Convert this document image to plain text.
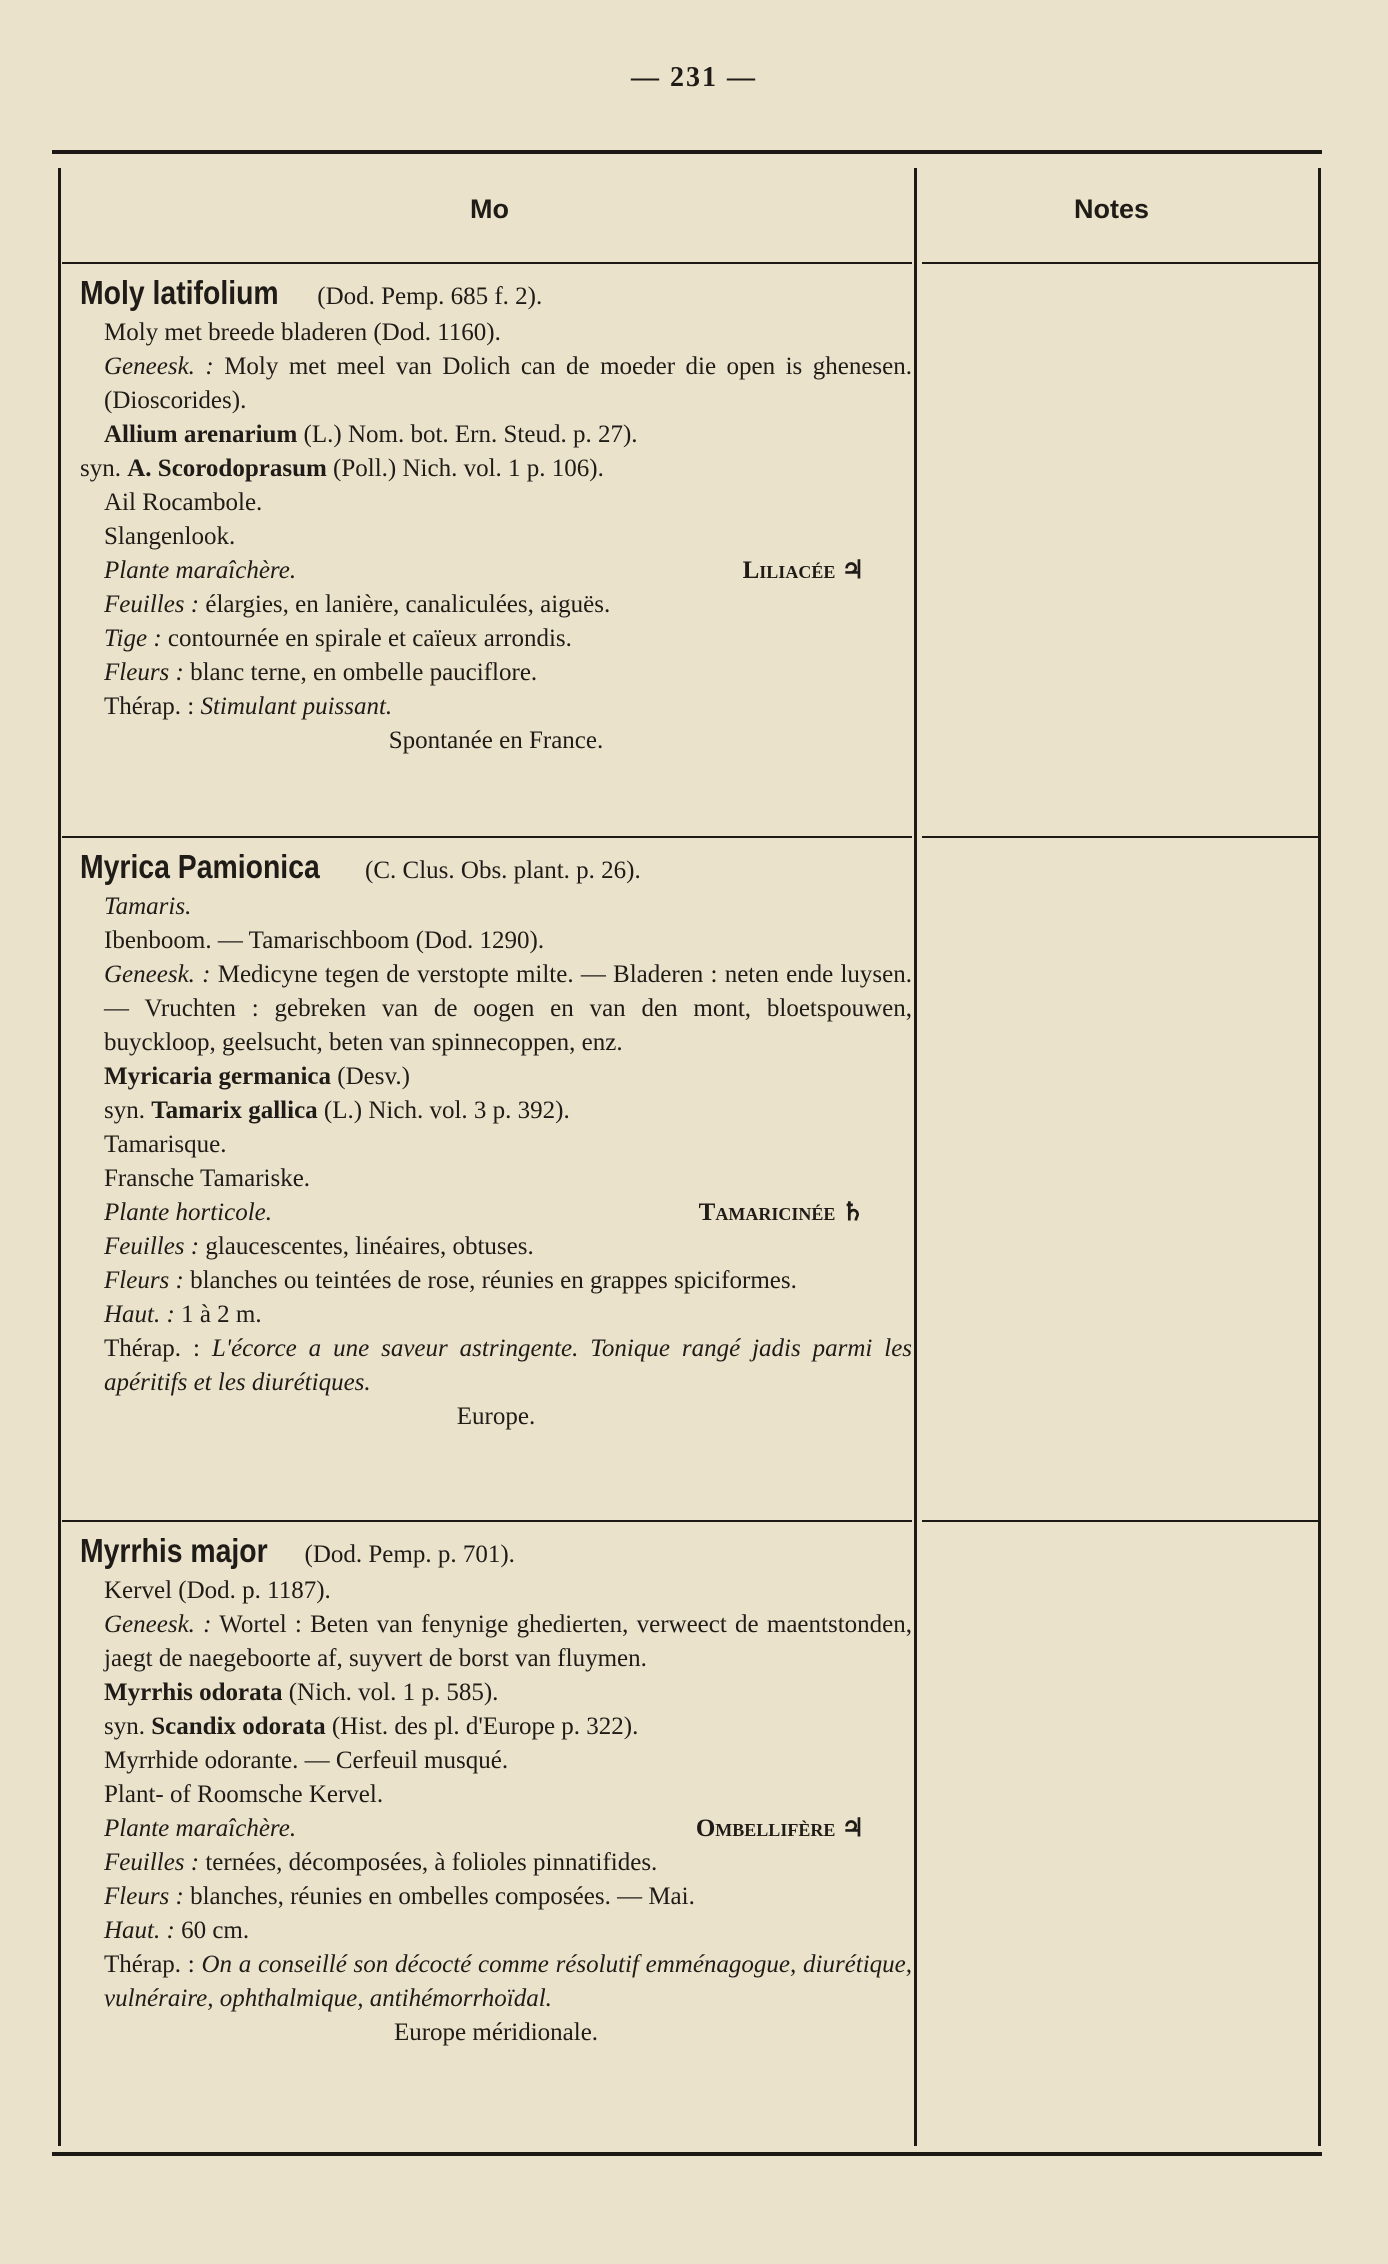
— 231 —
Mo	Notes
Moly latifolium (Dod. Pemp. 685 f. 2).
Moly met breede bladeren (Dod. 1160).
Geneesk. : Moly met meel van Dolich can de moeder die open is ghenesen. (Dioscorides).
Allium arenarium (L.) Nom. bot. Ern. Steud. p. 27).
syn. A. Scorodoprasum (Poll.) Nich. vol. 1 p. 106).
Ail Rocambole.
Slangenlook.
Plante maraîchère.	Liliacée ♃
Feuilles : élargies, en lanière, canaliculées, aiguës.
Tige : contournée en spirale et caïeux arrondis.
Fleurs : blanc terne, en ombelle pauciflore.
Thérap. : Stimulant puissant.
Spontanée en France.
Myrica Pamionica (C. Clus. Obs. plant. p. 26).
Tamaris.
Ibenboom. — Tamarischboom (Dod. 1290).
Geneesk. : Medicyne tegen de verstopte milte. — Bladeren : neten ende luysen. — Vruchten : gebreken van de oogen en van den mont, bloetspouwen, buyckloop, geelsucht, beten van spinnecoppen, enz.
Myricaria germanica (Desv.)
syn. Tamarix gallica (L.) Nich. vol. 3 p. 392).
Tamarisque.
Fransche Tamariske.
Plante horticole.	Tamaricinée ♄
Feuilles : glaucescentes, linéaires, obtuses.
Fleurs : blanches ou teintées de rose, réunies en grappes spiciformes.
Haut. : 1 à 2 m.
Thérap. : L'écorce a une saveur astringente. Tonique rangé jadis parmi les apéritifs et les diurétiques.
Europe.
Myrrhis major (Dod. Pemp. p. 701).
Kervel (Dod. p. 1187).
Geneesk. : Wortel : Beten van fenynige ghedierten, verweect de maentstonden, jaegt de naegeboorte af, suyvert de borst van fluymen.
Myrrhis odorata (Nich. vol. 1 p. 585).
syn. Scandix odorata (Hist. des pl. d'Europe p. 322).
Myrrhide odorante. — Cerfeuil musqué.
Plant- of Roomsche Kervel.
Plante maraîchère.	Ombellifère ♃
Feuilles : ternées, décomposées, à folioles pinnatifides.
Fleurs : blanches, réunies en ombelles composées. — Mai.
Haut. : 60 cm.
Thérap. : On a conseillé son décocté comme résolutif emménagogue, diurétique, vulnéraire, ophthalmique, antihémorrhoïdal.
Europe méridionale.
